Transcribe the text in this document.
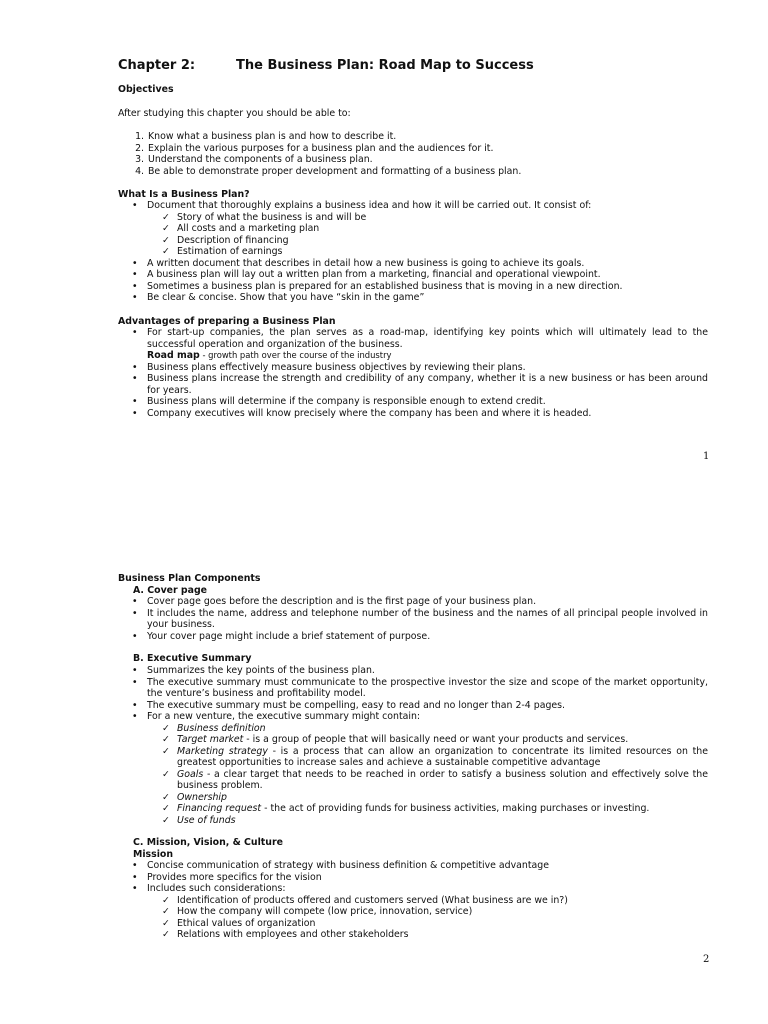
Chapter 2:	The Business Plan: Road Map to Success
Objectives
After studying this chapter you should be able to:
1. Know what a business plan is and how to describe it.
2. Explain the various purposes for a business plan and the audiences for it.
3. Understand the components of a business plan.
4. Be able to demonstrate proper development and formatting of a business plan.
What Is a Business Plan?
• Document that thoroughly explains a business idea and how it will be carried out. It consist of:
✓ Story of what the business is and will be
✓ All costs and a marketing plan
✓ Description of financing
✓ Estimation of earnings
• A written document that describes in detail how a new business is going to achieve its goals.
• A business plan will lay out a written plan from a marketing, financial and operational viewpoint.
• Sometimes a business plan is prepared for an established business that is moving in a new direction.
• Be clear & concise. Show that you have “skin in the game”
Advantages of preparing a Business Plan
• For start-up companies, the plan serves as a road-map, identifying key points which will ultimately lead to the successful operation and organization of the business.
Road map - growth path over the course of the industry
• Business plans effectively measure business objectives by reviewing their plans.
• Business plans increase the strength and credibility of any company, whether it is a new business or has been around for years.
• Business plans will determine if the company is responsible enough to extend credit.
• Company executives will know precisely where the company has been and where it is headed.
1
Business Plan Components
A. Cover page
• Cover page goes before the description and is the first page of your business plan.
• It includes the name, address and telephone number of the business and the names of all principal people involved in your business.
• Your cover page might include a brief statement of purpose.
B. Executive Summary
• Summarizes the key points of the business plan.
• The executive summary must communicate to the prospective investor the size and scope of the market opportunity, the venture’s business and profitability model.
• The executive summary must be compelling, easy to read and no longer than 2-4 pages.
• For a new venture, the executive summary might contain:
✓ Business definition
✓ Target market - is a group of people that will basically need or want your products and services.
✓ Marketing strategy - is a process that can allow an organization to concentrate its limited resources on the greatest opportunities to increase sales and achieve a sustainable competitive advantage
✓ Goals - a clear target that needs to be reached in order to satisfy a business solution and effectively solve the business problem.
✓ Ownership
✓ Financing request - the act of providing funds for business activities, making purchases or investing.
✓ Use of funds
C. Mission, Vision, & Culture
Mission
• Concise communication of strategy with business definition & competitive advantage
• Provides more specifics for the vision
• Includes such considerations:
✓ Identification of products offered and customers served (What business are we in?)
✓ How the company will compete (low price, innovation, service)
✓ Ethical values of organization
✓ Relations with employees and other stakeholders
2
